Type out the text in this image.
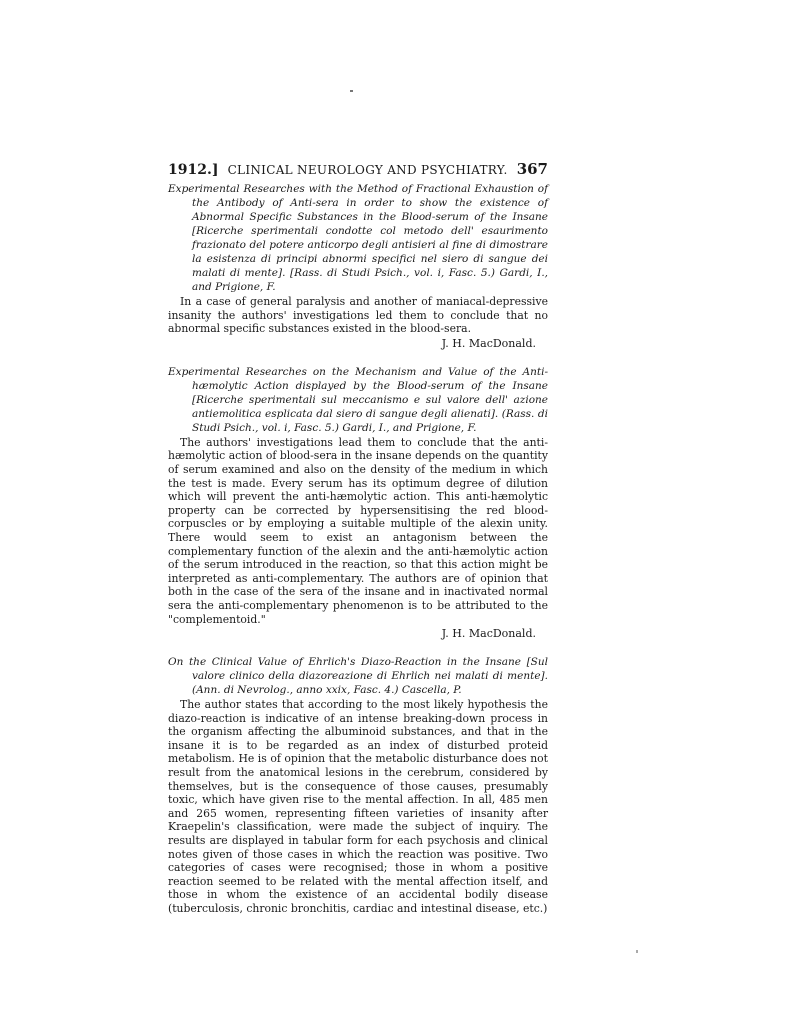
1912.] CLINICAL NEUROLOGY AND PSYCHIATRY. 367

Experimental Researches with the Method of Fractional Exhaustion of the Antibody of Anti-sera in order to show the existence of Abnormal Specific Substances in the Blood-serum of the Insane [Ricerche sperimentali condotte col metodo dell' esaurimento frazionato del potere anticorpo degli antisieri al fine di dimostrare la esistenza di principi abnormi specifici nel siero di sangue dei malati di mente]. [Rass. di Studi Psich., vol. i, Fasc. 5.) Gardi, I., and Prigione, F.

In a case of general paralysis and another of maniacal-depressive insanity the authors' investigations led them to conclude that no abnormal specific substances existed in the blood-sera.

J. H. MacDonald.

Experimental Researches on the Mechanism and Value of the Anti-hæmolytic Action displayed by the Blood-serum of the Insane [Ricerche sperimentali sul meccanismo e sul valore dell' azione antiemolitica esplicata dal siero di sangue degli alienati]. (Rass. di Studi Psich., vol. i, Fasc. 5.) Gardi, I., and Prigione, F.

The authors' investigations lead them to conclude that the anti-hæmolytic action of blood-sera in the insane depends on the quantity of serum examined and also on the density of the medium in which the test is made. Every serum has its optimum degree of dilution which will prevent the anti-hæmolytic action. This anti-hæmolytic property can be corrected by hypersensitising the red blood-corpuscles or by employing a suitable multiple of the alexin unity. There would seem to exist an antagonism between the complementary function of the alexin and the anti-hæmolytic action of the serum introduced in the reaction, so that this action might be interpreted as anti-complementary. The authors are of opinion that both in the case of the sera of the insane and in inactivated normal sera the anti-complementary phenomenon is to be attributed to the "complementoid."

J. H. MacDonald.

On the Clinical Value of Ehrlich's Diazo-Reaction in the Insane [Sul valore clinico della diazoreazione di Ehrlich nei malati di mente]. (Ann. di Nevrolog., anno xxix, Fasc. 4.) Cascella, P.

The author states that according to the most likely hypothesis the diazo-reaction is indicative of an intense breaking-down process in the organism affecting the albuminoid substances, and that in the insane it is to be regarded as an index of disturbed proteid metabolism. He is of opinion that the metabolic disturbance does not result from the anatomical lesions in the cerebrum, considered by themselves, but is the consequence of those causes, presumably toxic, which have given rise to the mental affection. In all, 485 men and 265 women, representing fifteen varieties of insanity after Kraepelin's classification, were made the subject of inquiry. The results are displayed in tabular form for each psychosis and clinical notes given of those cases in which the reaction was positive. Two categories of cases were recognised; those in whom a positive reaction seemed to be related with the mental affection itself, and those in whom the existence of an accidental bodily disease (tuberculosis, chronic bronchitis, cardiac and intestinal disease, etc.)
